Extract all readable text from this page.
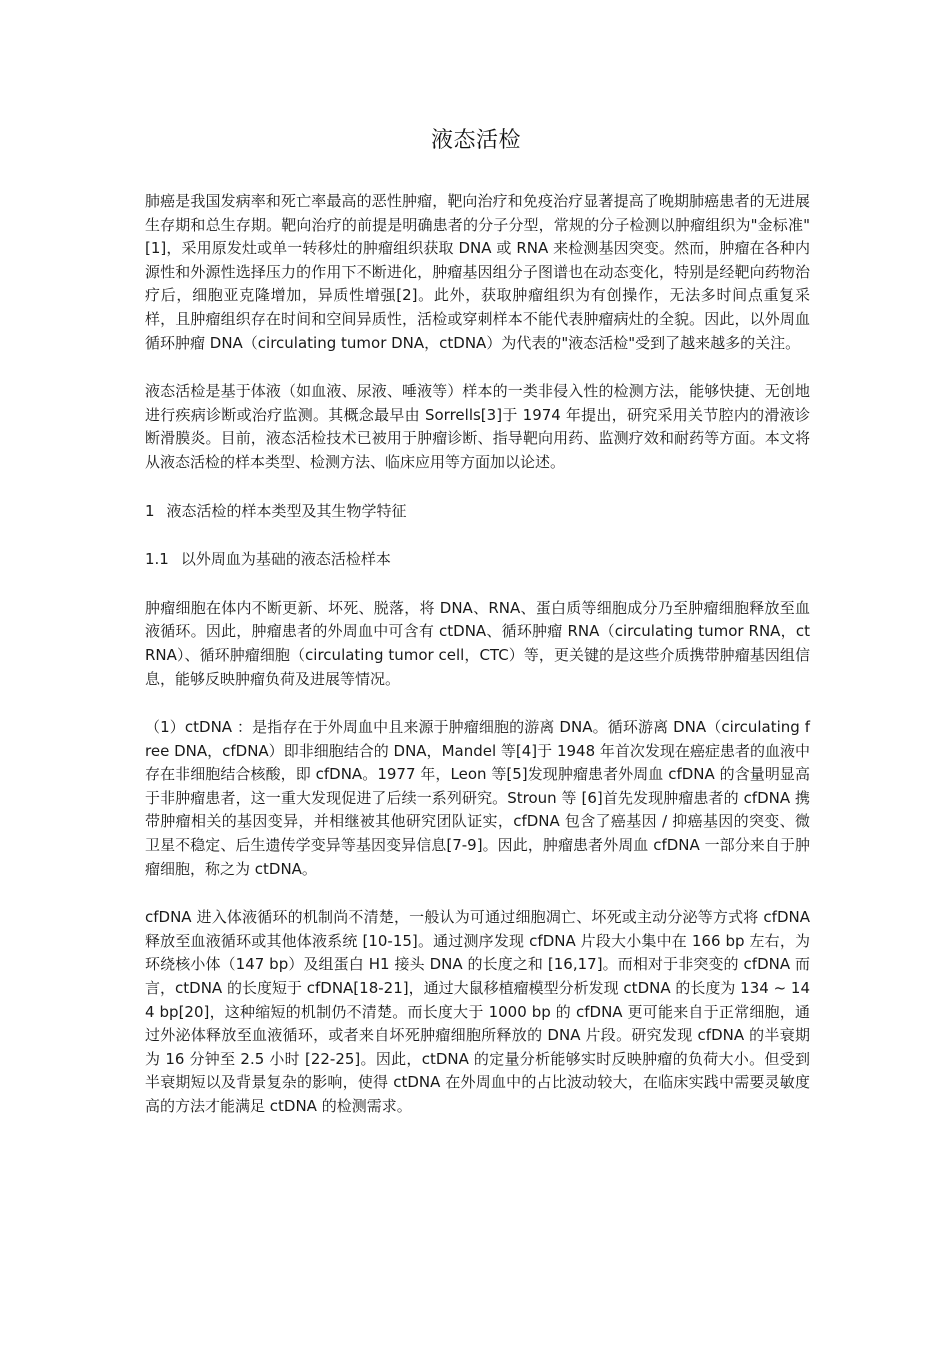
液态活检

肺癌是我国发病率和死亡率最高的恶性肿瘤，靶向治疗和免疫治疗显著提高了晚期肺癌患者的无进展生存期和总生存期。靶向治疗的前提是明确患者的分子分型，常规的分子检测以肿瘤组织为"金标准"[1]，采用原发灶或单一转移灶的肿瘤组织获取 DNA 或 RNA 来检测基因突变。然而，肿瘤在各种内源性和外源性选择压力的作用下不断进化，肿瘤基因组分子图谱也在动态变化，特别是经靶向药物治疗后，细胞亚克隆增加，异质性增强[2]。此外，获取肿瘤组织为有创操作，无法多时间点重复采样，且肿瘤组织存在时间和空间异质性，活检或穿刺样本不能代表肿瘤病灶的全貌。因此，以外周血循环肿瘤 DNA（circulating tumor DNA，ctDNA）为代表的"液态活检"受到了越来越多的关注。

液态活检是基于体液（如血液、尿液、唾液等）样本的一类非侵入性的检测方法，能够快捷、无创地进行疾病诊断或治疗监测。其概念最早由 Sorrells[3]于 1974 年提出，研究采用关节腔内的滑液诊断滑膜炎。目前，液态活检技术已被用于肿瘤诊断、指导靶向用药、监测疗效和耐药等方面。本文将从液态活检的样本类型、检测方法、临床应用等方面加以论述。

1 液态活检的样本类型及其生物学特征
1.1 以外周血为基础的液态活检样本

肿瘤细胞在体内不断更新、坏死、脱落，将 DNA、RNA、蛋白质等细胞成分乃至肿瘤细胞释放至血液循环。因此，肿瘤患者的外周血中可含有 ctDNA、循环肿瘤 RNA（circulating tumor RNA，ctRNA）、循环肿瘤细胞（circulating tumor cell，CTC）等，更关键的是这些介质携带肿瘤基因组信息，能够反映肿瘤负荷及进展等情况。

（1）ctDNA ：是指存在于外周血中且来源于肿瘤细胞的游离 DNA。循环游离 DNA（circulating free DNA，cfDNA）即非细胞结合的 DNA，Mandel 等[4]于 1948 年首次发现在癌症患者的血液中存在非细胞结合核酸，即 cfDNA。1977 年，Leon 等[5]发现肿瘤患者外周血 cfDNA 的含量明显高于非肿瘤患者，这一重大发现促进了后续一系列研究。Stroun 等 [6]首先发现肿瘤患者的 cfDNA 携带肿瘤相关的基因变异，并相继被其他研究团队证实，cfDNA 包含了癌基因 / 抑癌基因的突变、微卫星不稳定、后生遗传学变异等基因变异信息[7-9]。因此，肿瘤患者外周血 cfDNA 一部分来自于肿瘤细胞，称之为 ctDNA。

cfDNA 进入体液循环的机制尚不清楚，一般认为可通过细胞凋亡、坏死或主动分泌等方式将 cfDNA 释放至血液循环或其他体液系统 [10-15]。通过测序发现 cfDNA 片段大小集中在 166 bp 左右，为环绕核小体（147 bp）及组蛋白 H1 接头 DNA 的长度之和 [16,17]。而相对于非突变的 cfDNA 而言，ctDNA 的长度短于 cfDNA[18-21]，通过大鼠移植瘤模型分析发现 ctDNA 的长度为 134 ~ 144 bp[20]，这种缩短的机制仍不清楚。而长度大于 1000 bp 的 cfDNA 更可能来自于正常细胞，通过外泌体释放至血液循环，或者来自坏死肿瘤细胞所释放的 DNA 片段。研究发现 cfDNA 的半衰期为 16 分钟至 2.5 小时 [22-25]。因此，ctDNA 的定量分析能够实时反映肿瘤的负荷大小。但受到半衰期短以及背景复杂的影响，使得 ctDNA 在外周血中的占比波动较大，在临床实践中需要灵敏度高的方法才能满足 ctDNA 的检测需求。
